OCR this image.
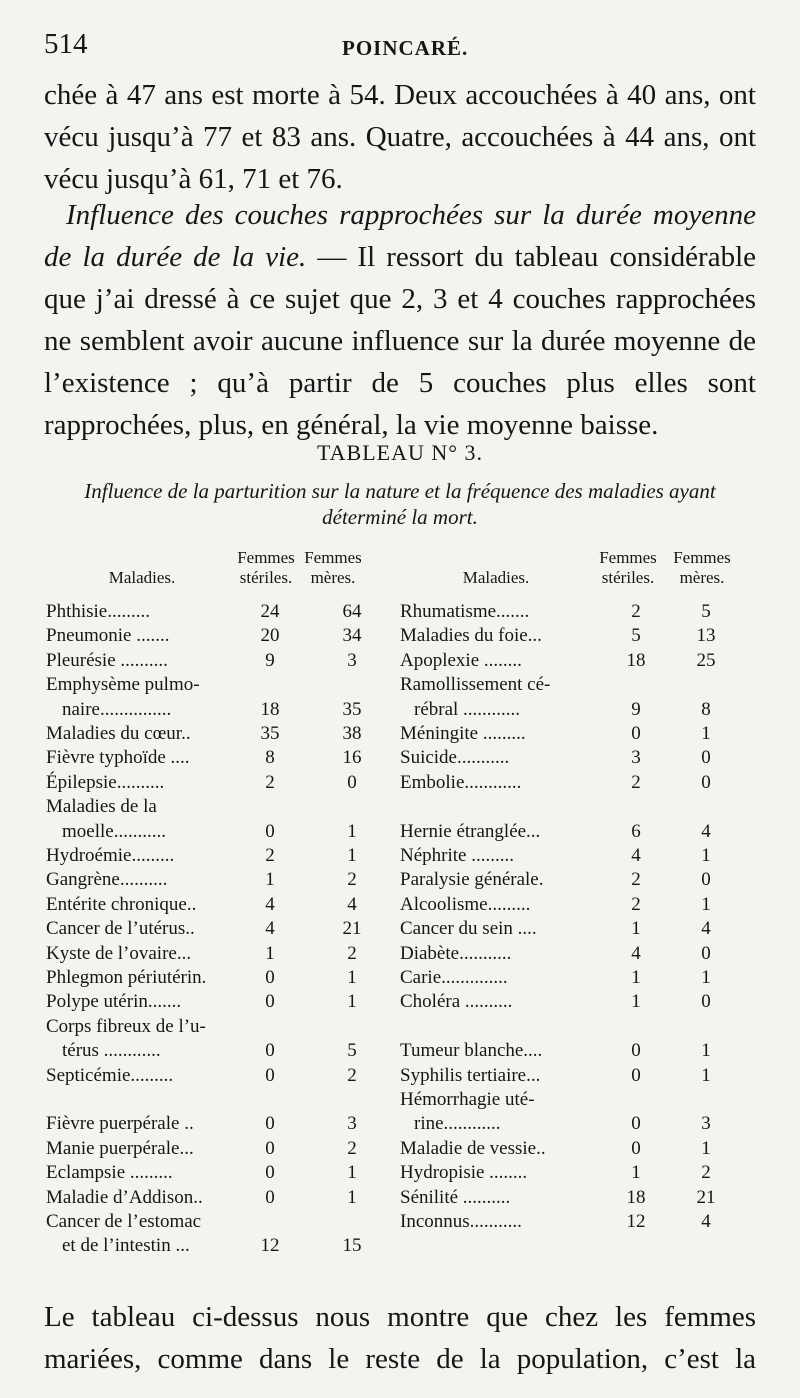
514	POINCARÉ.

chée à 47 ans est morte à 54. Deux accouchées à 40 ans, ont

vécu jusqu’à 77 et 83 ans. Quatre, accouchées à 44 ans, ont

vécu jusqu’à 61, 71 et 76.

Influence des couches rapprochées sur la durée moyenne de la durée de la vie. — Il ressort du tableau considérable que j’ai dressé à ce sujet que 2, 3 et 4 couches rapprochées ne semblent avoir aucune influence sur la durée moyenne de l’existence ; qu’à partir de 5 couches plus elles sont rapprochées, plus, en général, la vie moyenne baisse.

TABLEAU N° 3.
Influence de la parturition sur la nature et la fréquence des maladies ayant déterminé la mort.
Femmes stériles.
Femmes mères.
Maladies.
Femmes stériles.
Femmes mères.
Maladies.
Phthisie.........	24	64
Pneumonie .......	20	34
Pleurésie ..........	9	3
Emphysème pulmo-
naire...............	18	35
Maladies du cœur..	35	38
Fièvre typhoïde ....	8	16
Épilepsie..........	2	0
Maladies de la
moelle...........	0	1
Hydroémie.........	2	1
Gangrène..........	1	2
Entérite chronique..	4	4
Cancer de l’utérus..	4	21
Kyste de l’ovaire...	1	2
Phlegmon périutérin.	0	1
Polype utérin.......	0	1
Corps fibreux de l’u-
térus ............	0	5
Septicémie.........	0	2
Fièvre puerpérale ..	0	3
Manie puerpérale...	0	2
Eclampsie .........	0	1
Maladie d’Addison..	0	1
Cancer de l’estomac
et de l’intestin ...	12	15
Rhumatisme.......	2	5
Maladies du foie...	5	13
Apoplexie ........	18	25
Ramollissement cé-
rébral ............	9	8
Méningite .........	0	1
Suicide...........	3	0
Embolie............	2	0
Hernie étranglée...	6	4
Néphrite .........	4	1
Paralysie générale.	2	0
Alcoolisme.........	2	1
Cancer du sein ....	1	4
Diabète...........	4	0
Carie..............	1	1
Choléra ..........	1	0
Tumeur blanche....	0	1
Syphilis tertiaire...	0	1
Hémorrhagie uté-
rine............	0	3
Maladie de vessie..	0	1
Hydropisie ........	1	2
Sénilité ..........	18	21
Inconnus...........	12	4

Le tableau ci-dessus nous montre que chez les femmes

mariées, comme dans le reste de la population, c’est la
